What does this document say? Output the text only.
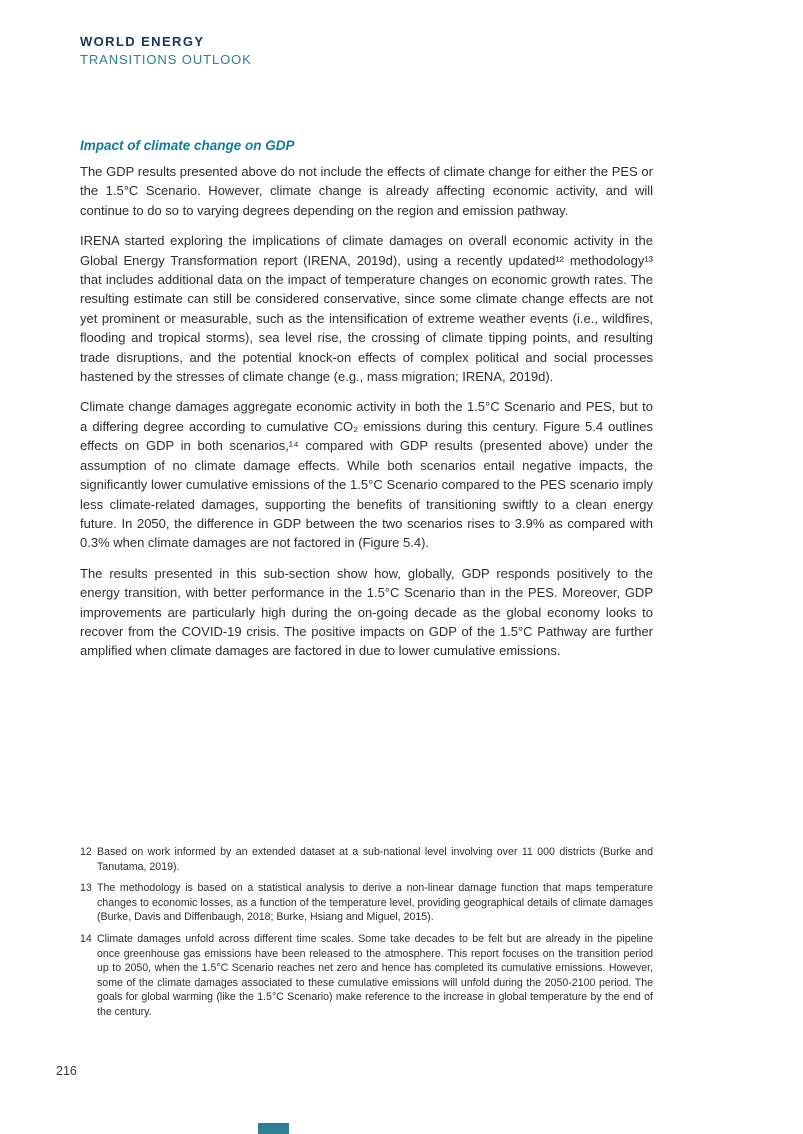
WORLD ENERGY
TRANSITIONS OUTLOOK
Impact of climate change on GDP

The GDP results presented above do not include the effects of climate change for either the PES or the 1.5°C Scenario. However, climate change is already affecting economic activity, and will continue to do so to varying degrees depending on the region and emission pathway.

IRENA started exploring the implications of climate damages on overall economic activity in the Global Energy Transformation report (IRENA, 2019d), using a recently updated¹² methodology¹³ that includes additional data on the impact of temperature changes on economic growth rates. The resulting estimate can still be considered conservative, since some climate change effects are not yet prominent or measurable, such as the intensification of extreme weather events (i.e., wildfires, flooding and tropical storms), sea level rise, the crossing of climate tipping points, and resulting trade disruptions, and the potential knock-on effects of complex political and social processes hastened by the stresses of climate change (e.g., mass migration; IRENA, 2019d).

Climate change damages aggregate economic activity in both the 1.5°C Scenario and PES, but to a differing degree according to cumulative CO₂ emissions during this century. Figure 5.4 outlines effects on GDP in both scenarios,¹⁴ compared with GDP results (presented above) under the assumption of no climate damage effects. While both scenarios entail negative impacts, the significantly lower cumulative emissions of the 1.5°C Scenario compared to the PES scenario imply less climate-related damages, supporting the benefits of transitioning swiftly to a clean energy future. In 2050, the difference in GDP between the two scenarios rises to 3.9% as compared with 0.3% when climate damages are not factored in (Figure 5.4).

The results presented in this sub-section show how, globally, GDP responds positively to the energy transition, with better performance in the 1.5°C Scenario than in the PES. Moreover, GDP improvements are particularly high during the on-going decade as the global economy looks to recover from the COVID-19 crisis. The positive impacts on GDP of the 1.5°C Pathway are further amplified when climate damages are factored in due to lower cumulative emissions.

12 Based on work informed by an extended dataset at a sub-national level involving over 11 000 districts (Burke and Tanutama, 2019).
13 The methodology is based on a statistical analysis to derive a non-linear damage function that maps temperature changes to economic losses, as a function of the temperature level, providing geographical details of climate damages (Burke, Davis and Diffenbaugh, 2018; Burke, Hsiang and Miguel, 2015).
14 Climate damages unfold across different time scales. Some take decades to be felt but are already in the pipeline once greenhouse gas emissions have been released to the atmosphere. This report focuses on the transition period up to 2050, when the 1.5°C Scenario reaches net zero and hence has completed its cumulative emissions. However, some of the climate damages associated to these cumulative emissions will unfold during the 2050-2100 period. The goals for global warming (like the 1.5°C Scenario) make reference to the increase in global temperature by the end of the century.
216
